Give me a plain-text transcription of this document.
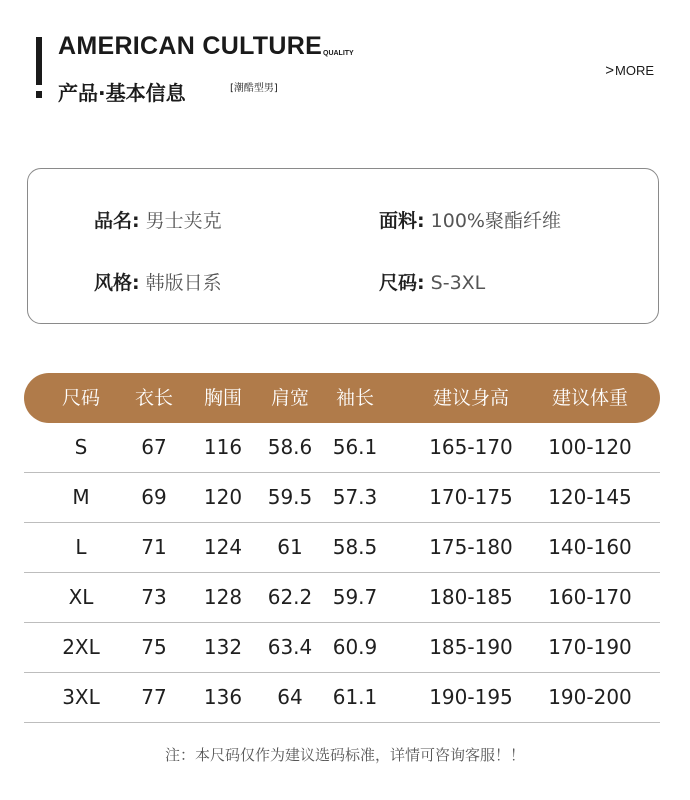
AMERICAN CULTURE QUALITY
产品·基本信息	[潮酷型男]
> MORE
品名: 男士夹克	面料: 100%聚酯纤维
风格: 韩版日系	尺码: S-3XL
尺码 衣长 胸围 肩宽 袖长	建议身高 建议体重
S	67 116 58.6 56.1	165-170 100-120
M	69 120 59.5 57.3	170-175 120-145
L	71 124 61 58.5	175-180 140-160
XL 73 128 62.2 59.7	180-185 160-170
2XL 75 132 63.4 60.9	185-190 170-190
3XL 77 136 64 61.1	190-195 190-200
注：本尺码仅作为建议选码标准，详情可咨询客服！！
